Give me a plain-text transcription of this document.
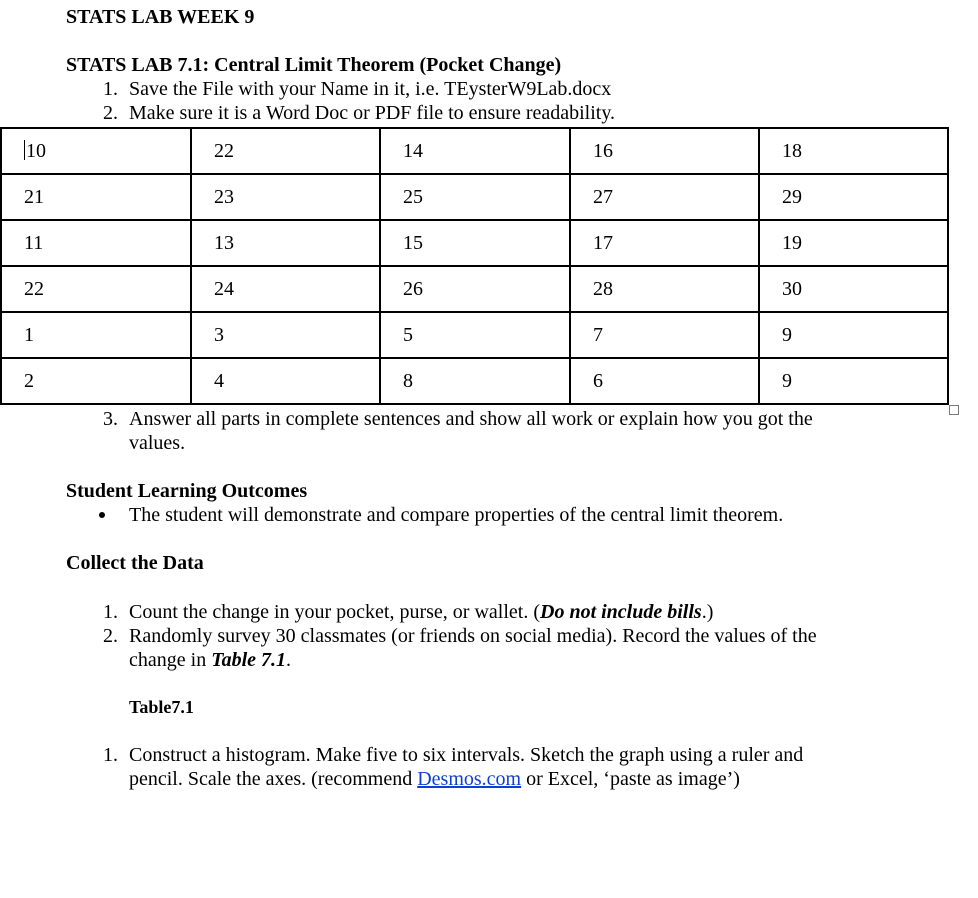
STATS LAB WEEK 9
STATS LAB 7.1: Central Limit Theorem (Pocket Change)
1. Save the File with your Name in it, i.e. TEysterW9Lab.docx
2. Make sure it is a Word Doc or PDF file to ensure readability.
10	22	14	16	18
21	23	25	27	29
11	13	15	17	19
22	24	26	28	30
1	3	5	7	9
2	4	8	6	9
3. Answer all parts in complete sentences and show all work or explain how you got the
values.
Student Learning Outcomes
The student will demonstrate and compare properties of the central limit theorem.
Collect the Data
1. Count the change in your pocket, purse, or wallet. (Do not include bills.)
2. Randomly survey 30 classmates (or friends on social media). Record the values of the
change in Table 7.1.
Table7.1
1. Construct a histogram. Make five to six intervals. Sketch the graph using a ruler and
pencil. Scale the axes. (recommend Desmos.com or Excel, ‘paste as image’)
